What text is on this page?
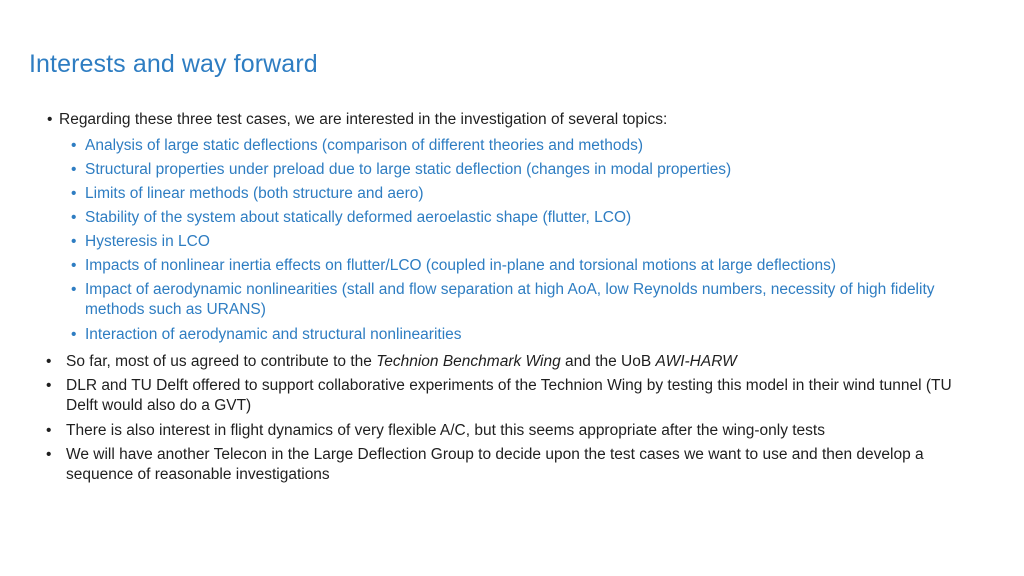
Interests and way forward
• Regarding these three test cases, we are interested in the investigation of several topics:
• Analysis of large static deflections (comparison of different theories and methods)
• Structural properties under preload due to large static deflection (changes in modal properties)
• Limits of linear methods (both structure and aero)
• Stability of the system about statically deformed aeroelastic shape (flutter, LCO)
• Hysteresis in LCO
• Impacts of nonlinear inertia effects on flutter/LCO (coupled in-plane and torsional motions at large deflections)
• Impact of aerodynamic nonlinearities (stall and flow separation at high AoA, low Reynolds numbers, necessity of high fidelity methods such as URANS)
• Interaction of aerodynamic and structural nonlinearities
• So far, most of us agreed to contribute to the Technion Benchmark Wing and the UoB AWI-HARW
• DLR and TU Delft offered to support collaborative experiments of the Technion Wing by testing this model in their wind tunnel (TU Delft would also do a GVT)
• There is also interest in flight dynamics of very flexible A/C, but this seems appropriate after the wing-only tests
• We will have another Telecon in the Large Deflection Group to decide upon the test cases we want to use and then develop a sequence of reasonable investigations
